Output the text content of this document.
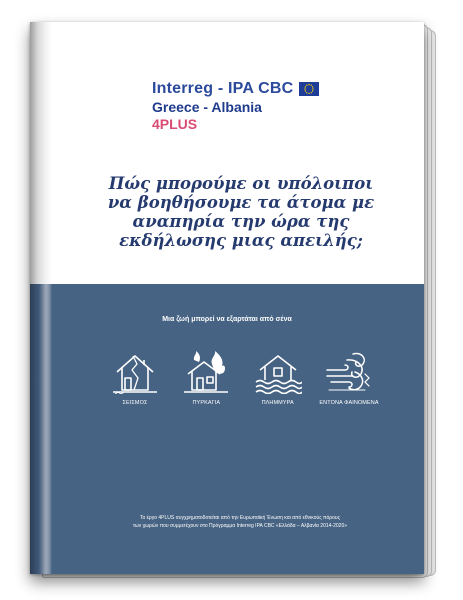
Interreg - IPA CBC
Greece - Albania
4PLUS
Πώς μπορούμε οι υπόλοιποι
να βοηθήσουμε τα άτομα με
αναπηρία την ώρα της
εκδήλωσης μιας απειλής;
Μια ζωή μπορεί να εξαρτάται από σένα
ΣΕΙΣΜΟΣ	ΠΥΡΚΑΓΙΑ	ΠΛΗΜΜΥΡΑ	ΕΝΤΟΝΑ ΦΑΙΝΟΜΕΝΑ
Το έργο 4PLUS συγχρηματοδοτείται από την Ευρωπαϊκή Ένωση και από εθνικούς πόρους
των χωρών που συμμετέχουν στο Πρόγραμμα Interreg IPA CBC «Ελλάδα – Αλβανία 2014-2020»
